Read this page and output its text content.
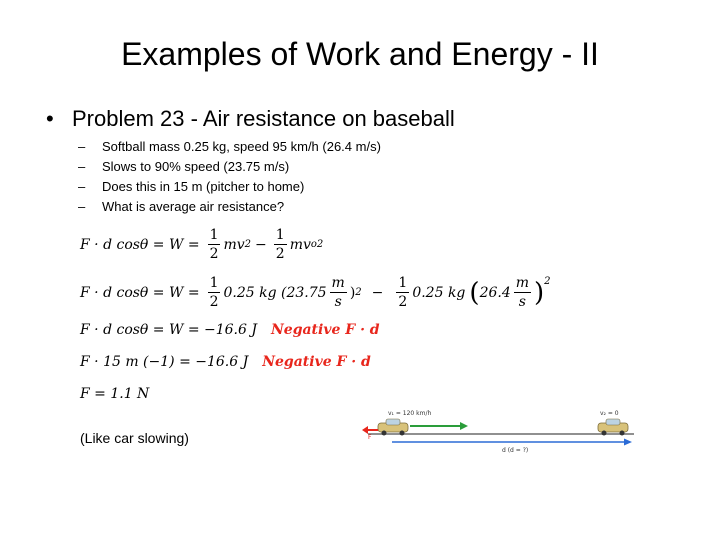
Examples of Work and Energy - II
• Problem 23 - Air resistance on baseball
– Softball mass 0.25 kg, speed 95 km/h (26.4 m/s)
– Slows to 90% speed (23.75 m/s)
– Does this in 15 m (pitcher to home)
– What is average air resistance?
F · d $\cos\theta = W = \frac{1}{2}$ mv $2 - \frac{1}{2}$ mv o 2
F · d $\cos\theta = W = \frac{1}{2} 0.25$ kg ($23.75 \frac{m}{s}$ ) $2 - \frac{1}{2} 0.25$ kg ( $26.4 \frac{m}{s} )^2$
F · d cosθ = W = −16.6 J Negative F · d
F · 15 m (−1) = −16.6 J Negative F · d
F = 1.1 N
(Like car slowing)
v₁ = 120 km/h	v₂ = 0
d (d = ?)
F
